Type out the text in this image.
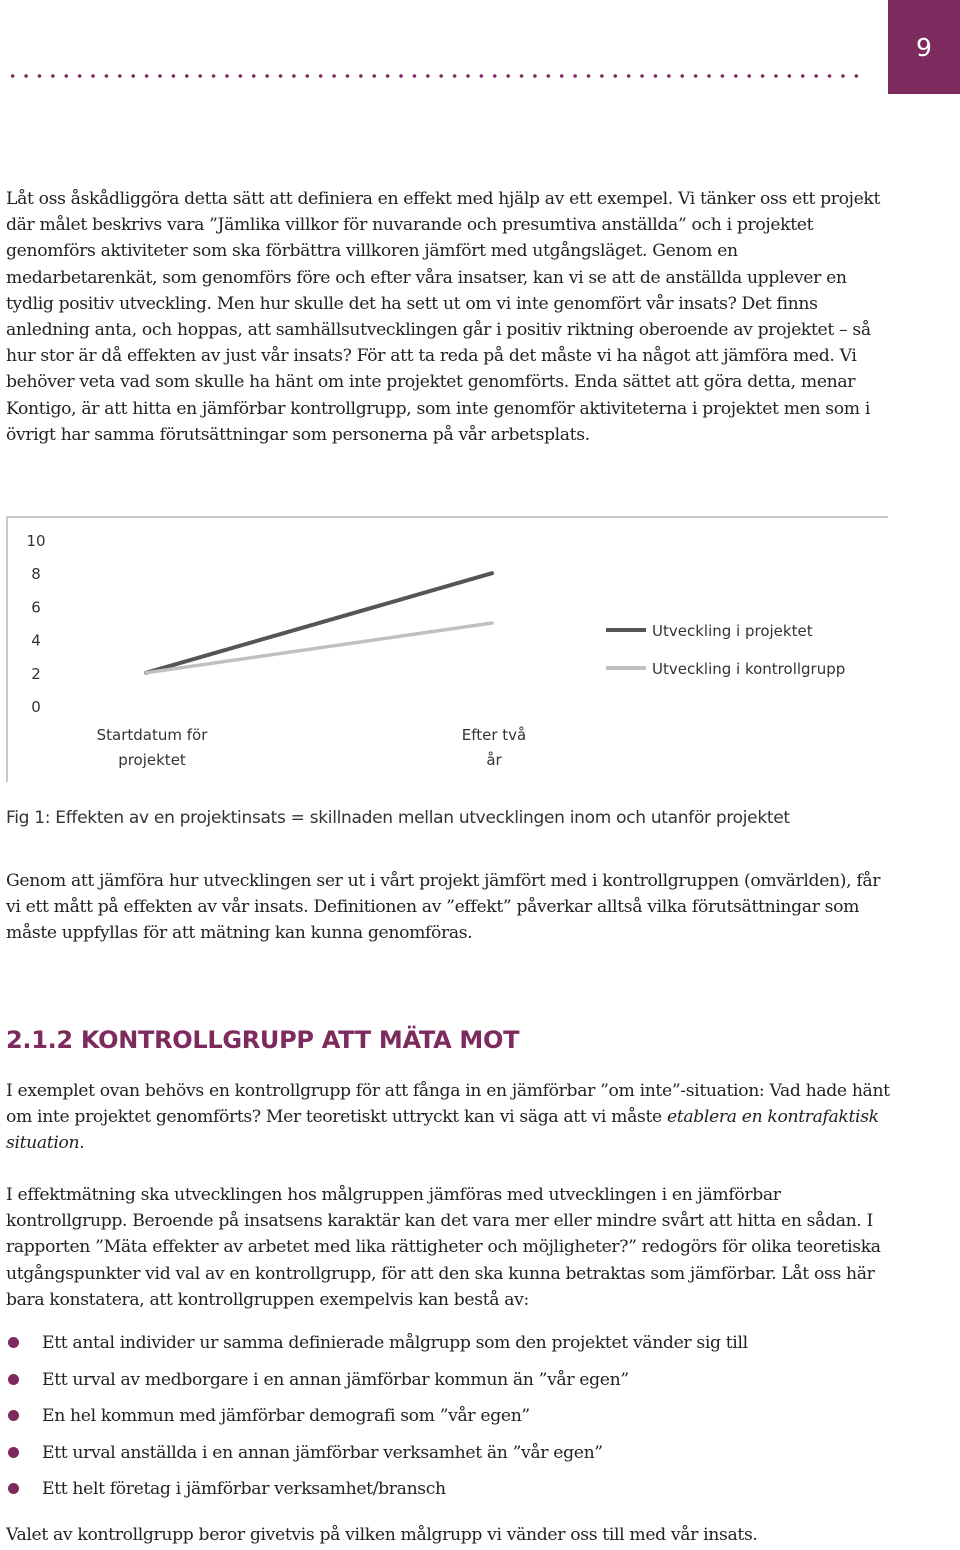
9

Låt oss åskådliggöra detta sätt att definiera en effekt med hjälp av ett exempel. Vi tänker oss ett projekt där målet beskrivs vara ”Jämlika villkor för nuvarande och presumtiva anställda” och i projektet genomförs aktiviteter som ska förbättra villkoren jämfört med utgångsläget. Genom en medarbetarenkät, som genomförs före och efter våra insatser, kan vi se att de anställda upplever en tydlig positiv utveckling. Men hur skulle det ha sett ut om vi inte genomfört vår insats? Det finns anledning anta, och hoppas, att samhällsutvecklingen går i positiv riktning oberoende av projektet – så hur stor är då effekten av just vår insats? För att ta reda på det måste vi ha något att jämföra med. Vi behöver veta vad som skulle ha hänt om inte projektet genomförts. Enda sättet att göra detta, menar Kontigo, är att hitta en jämförbar kontrollgrupp, som inte genomför aktiviteterna i projektet men som i övrigt har samma förutsättningar som personerna på vår arbetsplats.

0
2
4
6
8
10
Startdatum för projektet
Efter två år
Utveckling i projektet
Utveckling i kontrollgrupp

Fig 1: Effekten av en projektinsats = skillnaden mellan utvecklingen inom och utanför projektet

Genom att jämföra hur utvecklingen ser ut i vårt projekt jämfört med i kontrollgruppen (omvärlden), får vi ett mått på effekten av vår insats. Definitionen av ”effekt” påverkar alltså vilka förutsättningar som måste uppfyllas för att mätning kan kunna genomföras.

2.1.2 KONTROLLGRUPP ATT MÄTA MOT

I exemplet ovan behövs en kontrollgrupp för att fånga in en jämförbar ”om inte”-situation: Vad hade hänt om inte projektet genomförts? Mer teoretiskt uttryckt kan vi säga att vi måste etablera en kontrafaktisk situation.

I effektmätning ska utvecklingen hos målgruppen jämföras med utvecklingen i en jämförbar kontrollgrupp. Beroende på insatsens karaktär kan det vara mer eller mindre svårt att hitta en sådan. I rapporten ”Mäta effekter av arbetet med lika rättigheter och möjligheter?” redogörs för olika teoretiska utgångspunkter vid val av en kontrollgrupp, för att den ska kunna betraktas som jämförbar. Låt oss här bara konstatera, att kontrollgruppen exempelvis kan bestå av:

Ett antal individer ur samma definierade målgrupp som den projektet vänder sig till
Ett urval av medborgare i en annan jämförbar kommun än ”vår egen”
En hel kommun med jämförbar demografi som ”vår egen”
Ett urval anställda i en annan jämförbar verksamhet än ”vår egen”
Ett helt företag i jämförbar verksamhet/bransch

Valet av kontrollgrupp beror givetvis på vilken målgrupp vi vänder oss till med vår insats.
